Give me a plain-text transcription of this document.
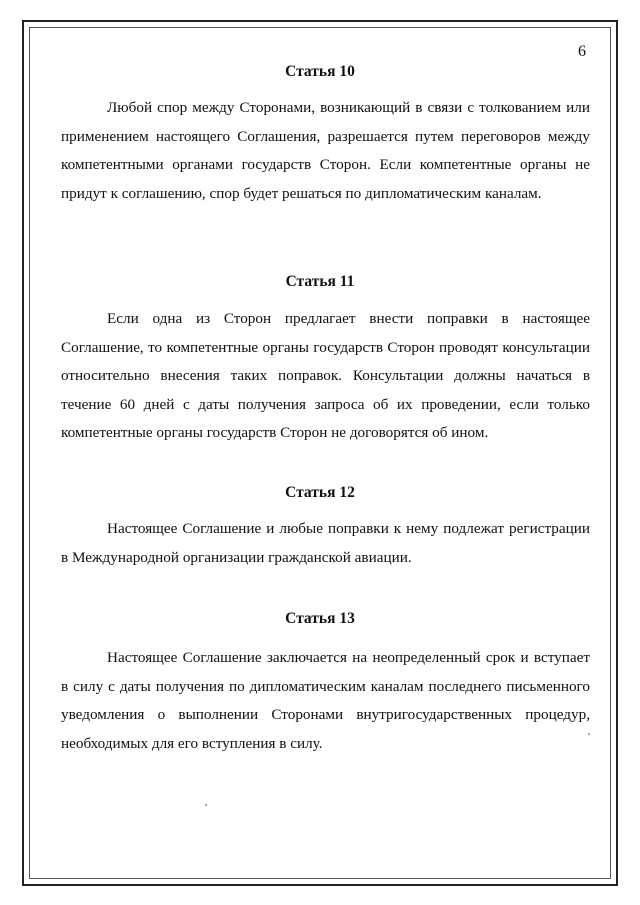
6
Статья 10

Любой спор между Сторонами, возникающий в связи с толкованием или применением настоящего Соглашения, разрешается путем переговоров между компетентными органами государств Сторон. Если компетентные органы не придут к соглашению, спор будет решаться по дипломатическим каналам.

Статья 11

Если одна из Сторон предлагает внести поправки в настоящее Соглашение, то компетентные органы государств Сторон проводят консультации относительно внесения таких поправок. Консультации должны начаться в течение 60 дней с даты получения запроса об их проведении, если только компетентные органы государств Сторон не договорятся об ином.

Статья 12

Настоящее Соглашение и любые поправки к нему подлежат регистрации в Международной организации гражданской авиации.

Статья 13

Настоящее Соглашение заключается на неопределенный срок и вступает в силу с даты получения по дипломатическим каналам последнего письменного уведомления о выполнении Сторонами внутригосударственных процедур, необходимых для его вступления в силу.
